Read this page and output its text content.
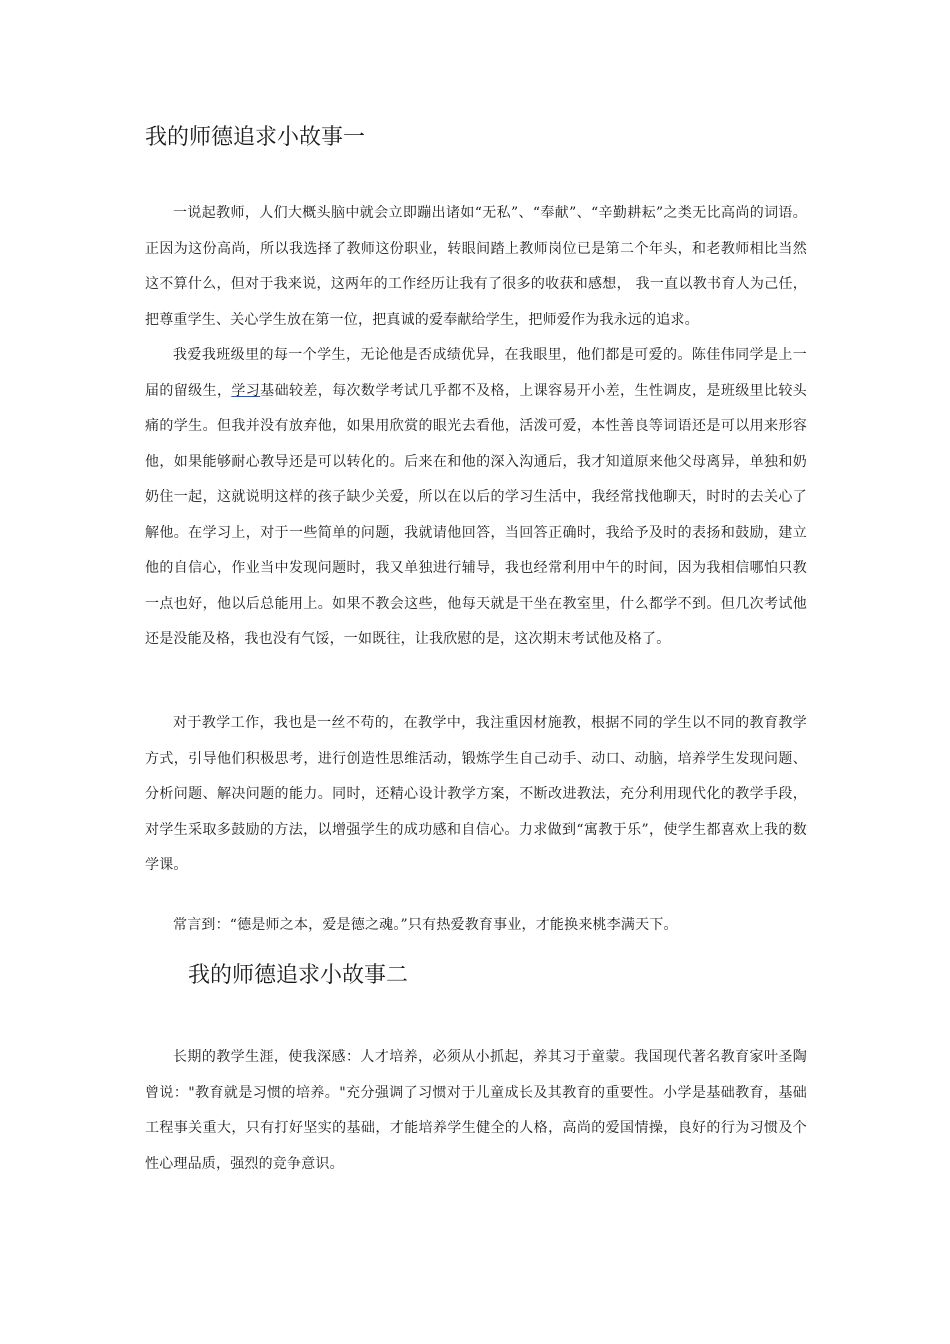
我的师德追求小故事一

一说起教师，人们大概头脑中就会立即蹦出诸如“无私”、“奉献”、“辛勤耕耘”之类无比高尚的词语。正因为这份高尚，所以我选择了教师这份职业，转眼间踏上教师岗位已是第二个年头，和老教师相比当然这不算什么，但对于我来说，这两年的工作经历让我有了很多的收获和感想， 我一直以教书育人为己任，把尊重学生、关心学生放在第一位，把真诚的爱奉献给学生，把师爱作为我永远的追求。

我爱我班级里的每一个学生，无论他是否成绩优异，在我眼里，他们都是可爱的。陈佳伟同学是上一届的留级生，学习基础较差，每次数学考试几乎都不及格，上课容易开小差，生性调皮，是班级里比较头痛的学生。但我并没有放弃他，如果用欣赏的眼光去看他，活泼可爱，本性善良等词语还是可以用来形容他，如果能够耐心教导还是可以转化的。后来在和他的深入沟通后，我才知道原来他父母离异，单独和奶奶住一起，这就说明这样的孩子缺少关爱，所以在以后的学习生活中，我经常找他聊天，时时的去关心了解他。在学习上，对于一些简单的问题，我就请他回答，当回答正确时，我给予及时的表扬和鼓励，建立他的自信心，作业当中发现问题时，我又单独进行辅导，我也经常利用中午的时间，因为我相信哪怕只教一点也好，他以后总能用上。如果不教会这些，他每天就是干坐在教室里，什么都学不到。但几次考试他还是没能及格，我也没有气馁，一如既往，让我欣慰的是，这次期末考试他及格了。

对于教学工作，我也是一丝不苟的，在教学中，我注重因材施教，根据不同的学生以不同的教育教学方式，引导他们积极思考，进行创造性思维活动，锻炼学生自己动手、动口、动脑，培养学生发现问题、分析问题、解决问题的能力。同时，还精心设计教学方案，不断改进教法，充分利用现代化的教学手段，对学生采取多鼓励的方法，以增强学生的成功感和自信心。力求做到“寓教于乐”，使学生都喜欢上我的数学课。

常言到：“德是师之本，爱是德之魂。”只有热爱教育事业，才能换来桃李满天下。

我的师德追求小故事二

长期的教学生涯，使我深感：人才培养，必须从小抓起，养其习于童蒙。我国现代著名教育家叶圣陶曾说："教育就是习惯的培养。"充分强调了习惯对于儿童成长及其教育的重要性。小学是基础教育，基础工程事关重大，只有打好坚实的基础，才能培养学生健全的人格，高尚的爱国情操，良好的行为习惯及个性心理品质，强烈的竞争意识。
